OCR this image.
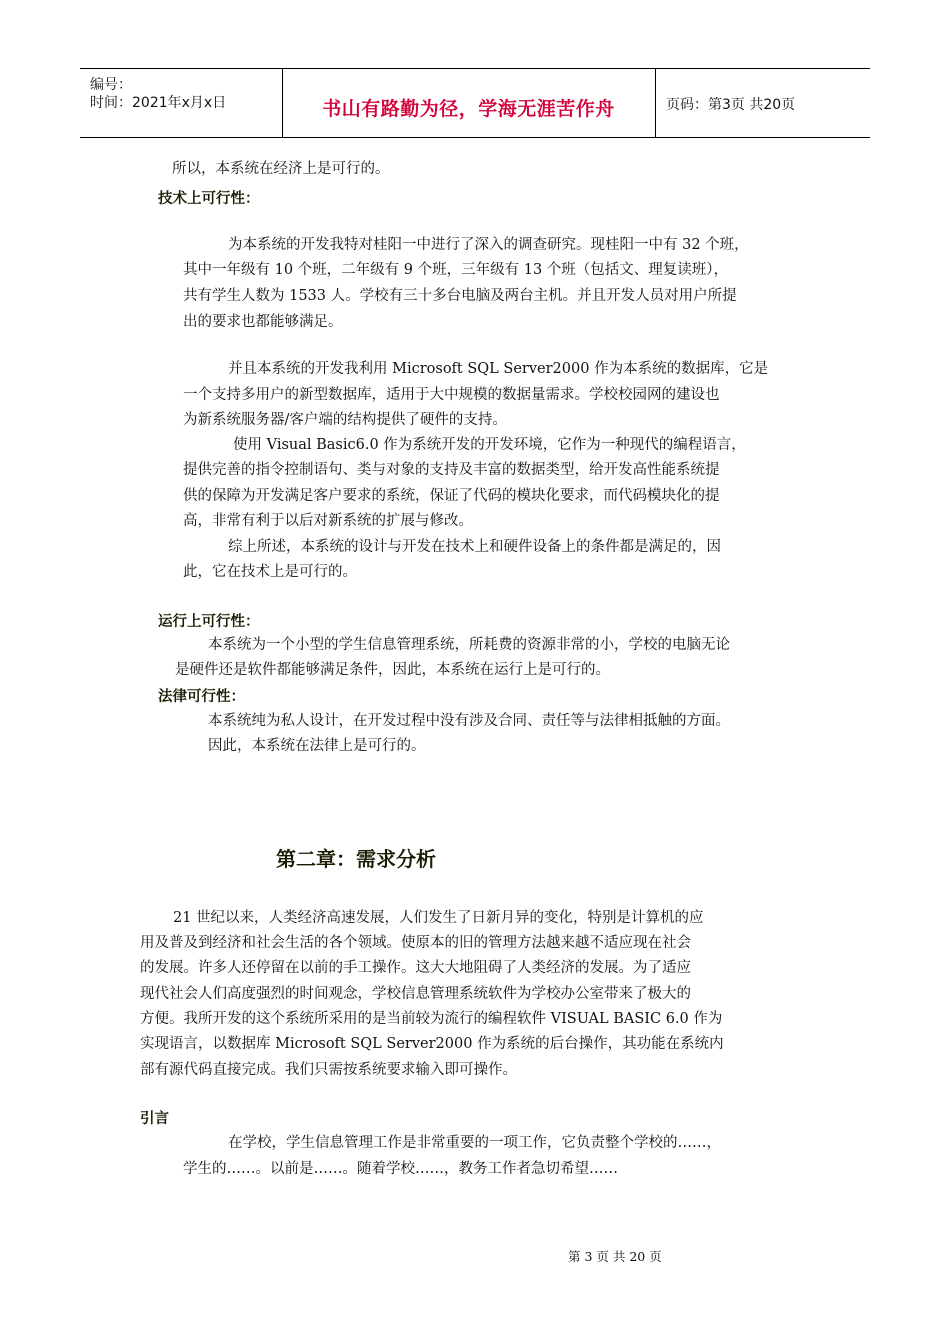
编号：
时间：2021年x月x日	书山有路勤为径，学海无涯苦作舟	页码：第3页 共20页
所以，本系统在经济上是可行的。
技术上可行性：
为本系统的开发我特对桂阳一中进行了深入的调查研究。现桂阳一中有 32 个班，
其中一年级有 10 个班，二年级有 9 个班，三年级有 13 个班（包括文、理复读班），
共有学生人数为 1533 人。学校有三十多台电脑及两台主机。并且开发人员对用户所提
出的要求也都能够满足。
并且本系统的开发我利用 Microsoft SQL Server2000 作为本系统的数据库，它是
一个支持多用户的新型数据库，适用于大中规模的数据量需求。学校校园网的建设也
为新系统服务器/客户端的结构提供了硬件的支持。
使用 Visual Basic6.0 作为系统开发的开发环境，它作为一种现代的编程语言，
提供完善的指令控制语句、类与对象的支持及丰富的数据类型，给开发高性能系统提
供的保障为开发满足客户要求的系统，保证了代码的模块化要求，而代码模块化的提
高，非常有利于以后对新系统的扩展与修改。
综上所述，本系统的设计与开发在技术上和硬件设备上的条件都是满足的，因
此，它在技术上是可行的。
运行上可行性：
本系统为一个小型的学生信息管理系统，所耗费的资源非常的小，学校的电脑无论
是硬件还是软件都能够满足条件，因此，本系统在运行上是可行的。
法律可行性：
本系统纯为私人设计，在开发过程中没有涉及合同、责任等与法律相抵触的方面。
因此，本系统在法律上是可行的。
第二章：需求分析
21 世纪以来，人类经济高速发展，人们发生了日新月异的变化，特别是计算机的应
用及普及到经济和社会生活的各个领域。使原本的旧的管理方法越来越不适应现在社会
的发展。许多人还停留在以前的手工操作。这大大地阻碍了人类经济的发展。为了适应
现代社会人们高度强烈的时间观念，学校信息管理系统软件为学校办公室带来了极大的
方便。我所开发的这个系统所采用的是当前较为流行的编程软件 VISUAL BASIC 6.0 作为
实现语言，以数据库 Microsoft SQL Server2000 作为系统的后台操作，其功能在系统内
部有源代码直接完成。我们只需按系统要求输入即可操作。
引言
在学校，学生信息管理工作是非常重要的一项工作，它负责整个学校的……，
学生的……。以前是……。随着学校……，教务工作者急切希望……
第 3 页 共 20 页
